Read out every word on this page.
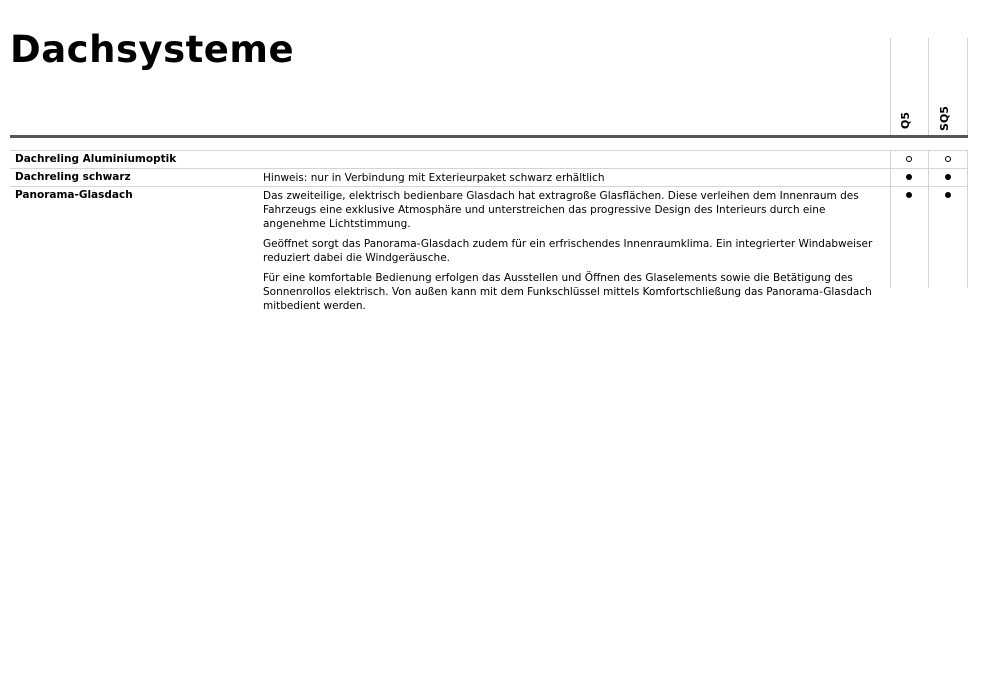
Dachsysteme
Q5 SQ5
Dachreling Aluminiumoptik
Dachreling schwarz	Hinweis: nur in Verbindung mit Exterieurpaket schwarz erhältlich

Panorama-Glasdach	Das zweiteilige, elektrisch bedienbare Glasdach hat extragroße Glasflächen. Diese verleihen dem Innenraum des Fahrzeugs eine exklusive Atmosphäre und unterstreichen das progressive Design des Interieurs durch eine angenehme Lichtstimmung.

Geöffnet sorgt das Panorama-Glasdach zudem für ein erfrischendes Innenraumklima. Ein integrierter Windabweiser reduziert dabei die Windgeräusche.

Für eine komfortable Bedienung erfolgen das Ausstellen und Öffnen des Glaselements sowie die Betätigung des Sonnenrollos elektrisch. Von außen kann mit dem Funkschlüssel mittels Komfortschließung das Panorama-Glasdach mitbedient werden.
